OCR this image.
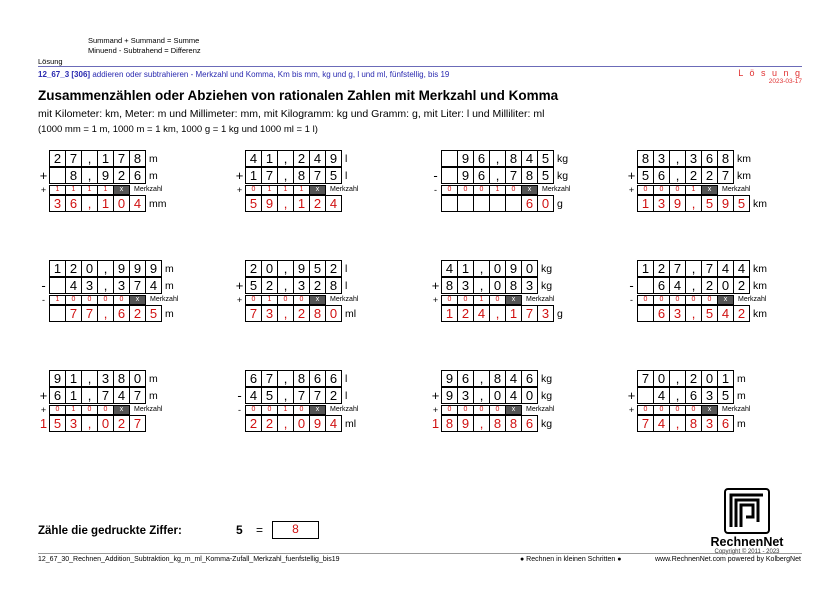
Summand + Summand = Summe
Minuend - Subtrahend = Differenz
Lösung
12_67_3 [306] addieren oder subtrahieren - Merkzahl und Komma, Km bis mm, kg und g, l und ml, fünfstellig, bis 19	L ö s u n g
2023-03-17
Zusammenzählen oder Abziehen von rationalen Zahlen mit Merkzahl und Komma
mit Kilometer: km, Meter: m und Millimeter: mm, mit Kilogramm: kg und Gramm: g, mit Liter: l und Milliliter: ml
(1000 mm = 1 m, 1000 m = 1 km, 1000 g = 1 kg und 1000 ml = 1 l)
2 7 , 1 7 8 m
+	8 , 9 2 6 m
+	1	1	1	1	x	Merkzahl
3 6 , 1 0 4 mm
4 1 , 2 4 9 l
+ 1 7 , 8 7 5 l
+	0	1	1	1	x	Merkzahl
5 9 , 1 2 4
9 6 , 8 4 5 kg
-	9 6 , 7 8 5 kg
-	0	0	0	1	0	x	Merkzahl
6 0 g
8 3 , 3 6 8 km
+ 5 6 , 2 2 7 km
+	0	0	0	1	x	Merkzahl
1 3 9 , 5 9 5 km
1 2 0 , 9 9 9 m
-	4 3 , 3 7 4 m
-	1	0	0	0	0	x	Merkzahl
7 7 , 6 2 5 m
2 0 , 9 5 2 l
+ 5 2 , 3 2 8 l
+	0	1	0	0	x	Merkzahl
7 3 , 2 8 0 ml
4 1 , 0 9 0 kg
+ 8 3 , 0 8 3 kg
+	0	0	1	0	x	Merkzahl
1 2 4 , 1 7 3 g
1 2 7 , 7 4 4 km
-	6 4 , 2 0 2 km
-	0	0	0	0	0	x	Merkzahl
6 3 , 5 4 2 km
9 1 , 3 8 0 m
+ 6 1 , 7 4 7 m
+	0	1	0	0	x	Merkzahl
1 5 3 , 0 2 7
6 7 , 8 6 6 l
- 4 5 , 7 7 2 l
-	0	0	1	0	x	Merkzahl
2 2 , 0 9 4 ml
9 6 , 8 4 6 kg
+ 9 3 , 0 4 0 kg
+	0	0	0	0	x	Merkzahl
1 8 9 , 8 8 6 kg
7 0 , 2 0 1 m
+	4 , 6 3 5 m
+	0	0	0	0	x	Merkzahl
7 4 , 8 3 6 m
Zähle die gedruckte Ziffer:	5 =	8
RechnenNet
Copyright © 2011 - 2023
12_67_30_Rechnen_Addition_Subtraktion_kg_m_ml_Komma-Zufall_Merkzahl_fuenfstellig_bis19	● Rechnen in kleinen Schritten ●	www.RechnenNet.com powered by KolbergNet
